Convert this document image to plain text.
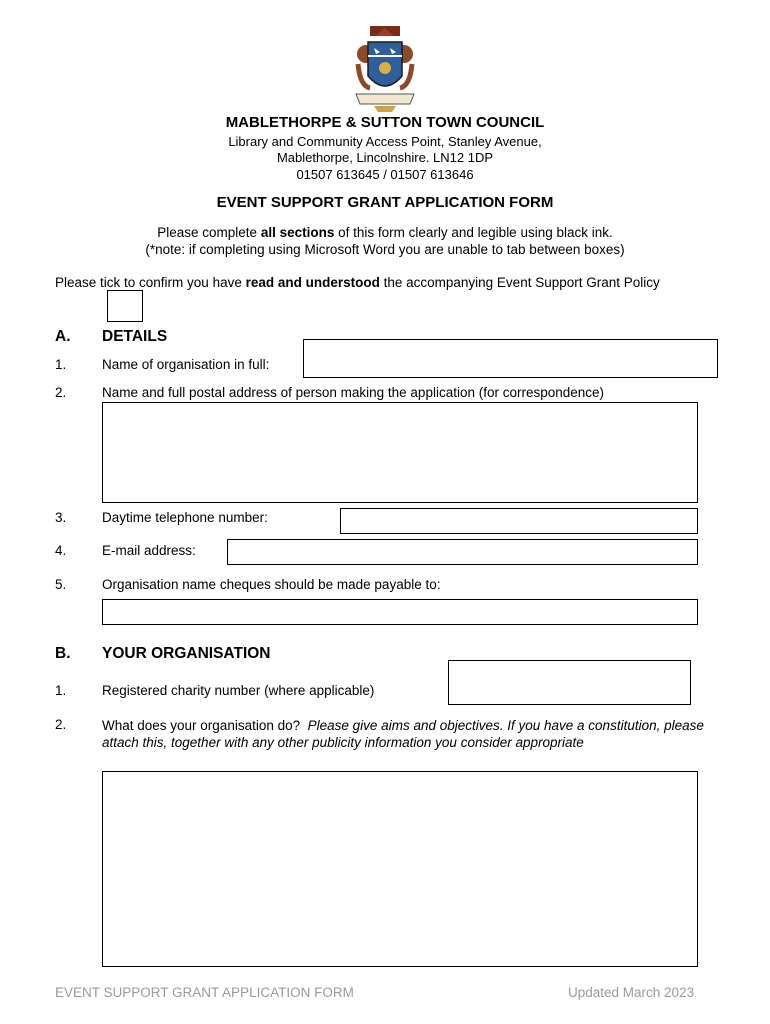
MABLETHORPE & SUTTON TOWN COUNCIL
Library and Community Access Point, Stanley Avenue,
Mablethorpe, Lincolnshire. LN12 1DP
01507 613645 / 01507 613646
EVENT SUPPORT GRANT APPLICATION FORM
Please complete all sections of this form clearly and legible using black ink.
(*note: if completing using Microsoft Word you are unable to tab between boxes)
Please tick to confirm you have read and understood the accompanying Event Support Grant Policy
A. DETAILS
1.	Name of organisation in full:
2.	Name and full postal address of person making the application (for correspondence)
3.	Daytime telephone number:
4.	E-mail address:
5.	Organisation name cheques should be made payable to:
B. YOUR ORGANISATION
1.	Registered charity number (where applicable)
2.	What does your organisation do? Please give aims and objectives. If you have a constitution, please attach this, together with any other publicity information you consider appropriate
EVENT SUPPORT GRANT APPLICATION FORM	Updated March 2023
